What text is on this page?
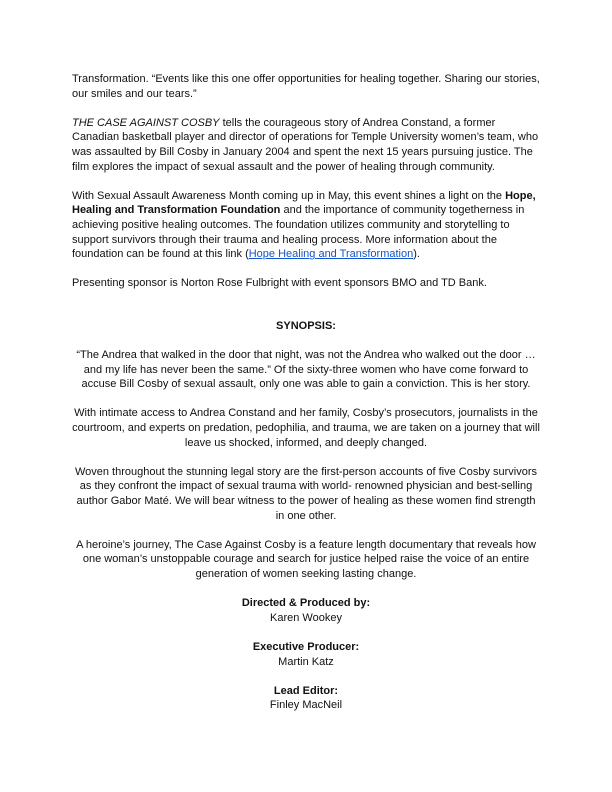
Transformation. “Events like this one offer opportunities for healing together. Sharing our stories, our smiles and our tears.”

THE CASE AGAINST COSBY tells the courageous story of Andrea Constand, a former Canadian basketball player and director of operations for Temple University women’s team, who was assaulted by Bill Cosby in January 2004 and spent the next 15 years pursuing justice. The film explores the impact of sexual assault and the power of healing through community.

With Sexual Assault Awareness Month coming up in May, this event shines a light on the Hope, Healing and Transformation Foundation and the importance of community togetherness in achieving positive healing outcomes. The foundation utilizes community and storytelling to support survivors through their trauma and healing process. More information about the foundation can be found at this link (Hope Healing and Transformation).

Presenting sponsor is Norton Rose Fulbright with event sponsors BMO and TD Bank.

SYNOPSIS:

“The Andrea that walked in the door that night, was not the Andrea who walked out the door … and my life has never been the same.” Of the sixty-three women who have come forward to accuse Bill Cosby of sexual assault, only one was able to gain a conviction. This is her story.

With intimate access to Andrea Constand and her family, Cosby’s prosecutors, journalists in the courtroom, and experts on predation, pedophilia, and trauma, we are taken on a journey that will leave us shocked, informed, and deeply changed.

Woven throughout the stunning legal story are the first-person accounts of five Cosby survivors as they confront the impact of sexual trauma with world- renowned physician and best-selling author Gabor Maté. We will bear witness to the power of healing as these women find strength in one other.

A heroine’s journey, The Case Against Cosby is a feature length documentary that reveals how one woman’s unstoppable courage and search for justice helped raise the voice of an entire generation of women seeking lasting change.

Directed & Produced by:

Karen Wookey

Executive Producer:

Martin Katz

Lead Editor:

Finley MacNeil
